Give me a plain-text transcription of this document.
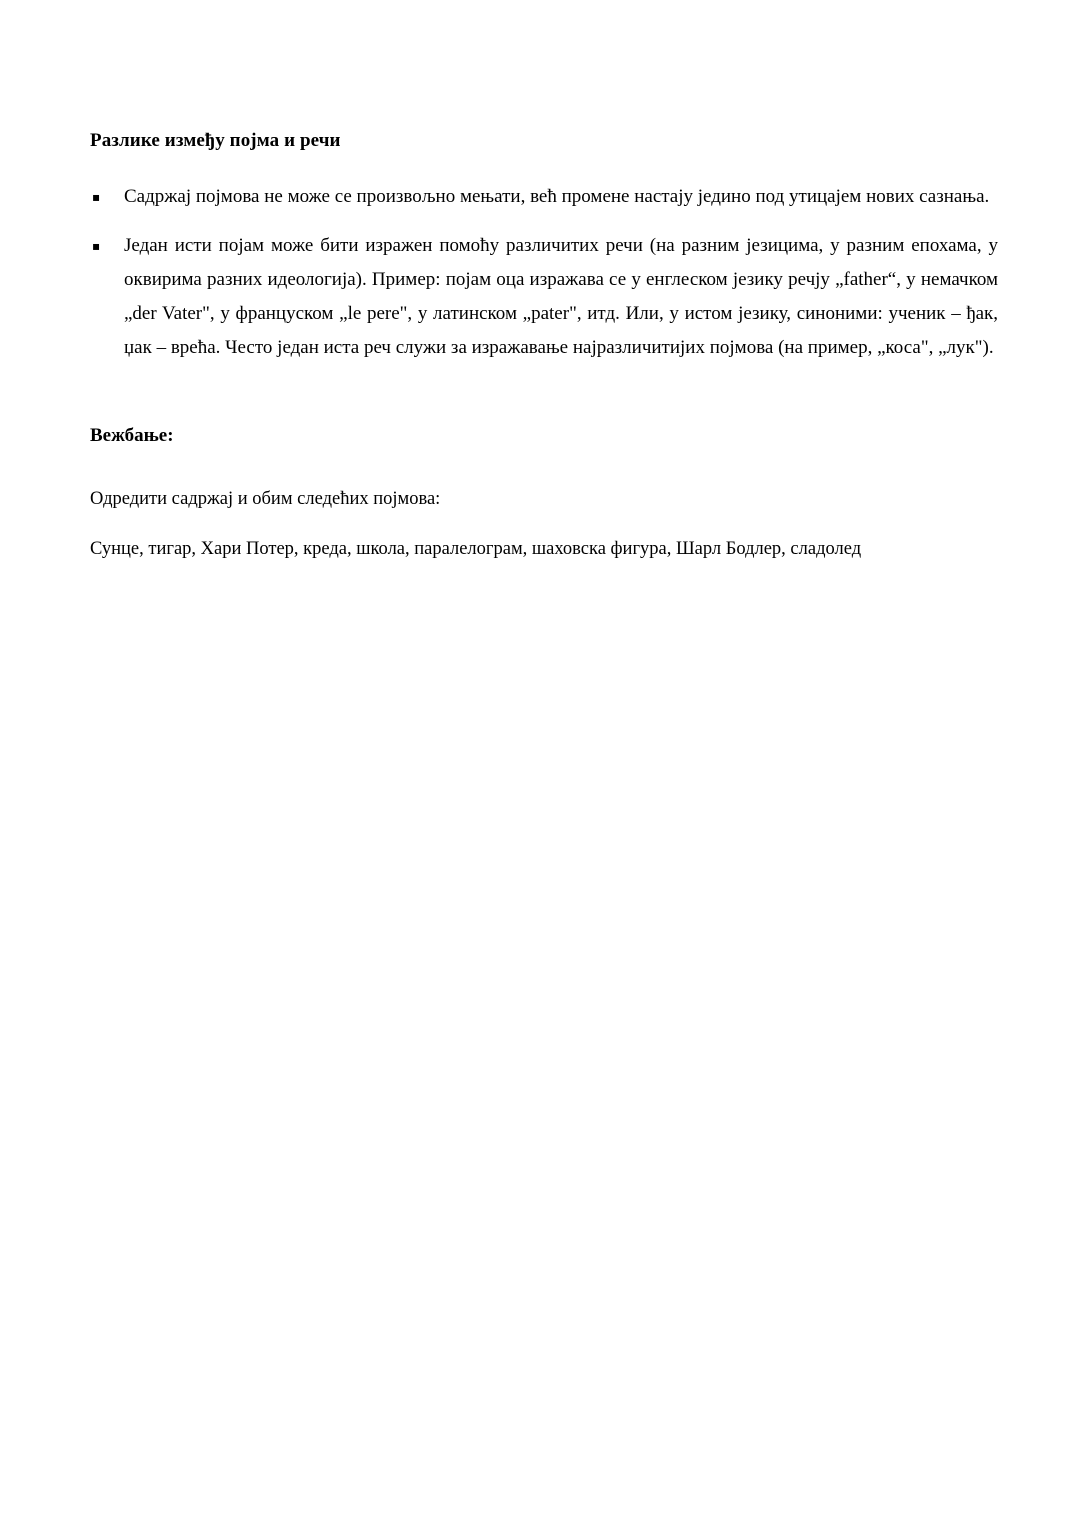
Разлике између појма и речи
▪	Садржај појмова не може се произвољно мењати, већ промене настају једино под утицајем нових сазнања.
▪	Један исти појам може бити изражен помоћу различитих речи (на разним језицима, у разним епохама, у оквирима разних идеологија). Пример: појам оца изражава се у енглеском језику речју „father“, у немачком „der Vater", у француском „le pere", у латинском „pater", итд. Или, у истом језику, синоними: ученик – ђак, џак – врећа. Често један иста реч служи за изражавање најразличитијих појмова (на пример, „коса", „лук").
Вежбање:

Одредити садржај и обим следећих појмова:

Сунце, тигар, Хари Потер, креда, школа, паралелограм, шаховска фигура, Шарл Бодлер, сладолед
